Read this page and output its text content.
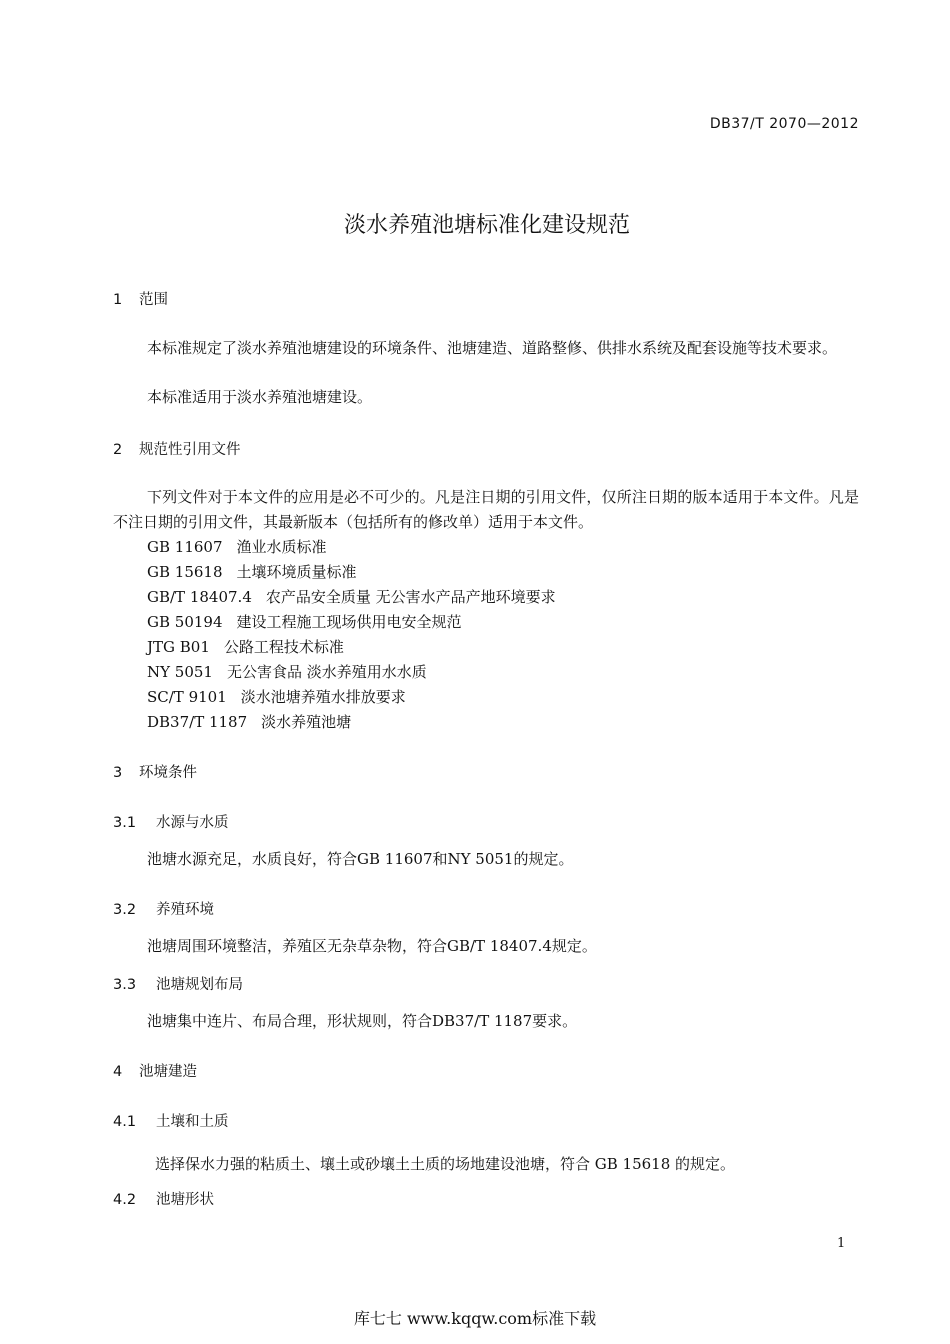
DB37/T 2070—2012
淡水养殖池塘标准化建设规范
1 范围
本标准规定了淡水养殖池塘建设的环境条件、池塘建造、道路整修、供排水系统及配套设施等技术要求。
本标准适用于淡水养殖池塘建设。
2 规范性引用文件
下列文件对于本文件的应用是必不可少的。凡是注日期的引用文件，仅所注日期的版本适用于本文件。凡是不注日期的引用文件，其最新版本（包括所有的修改单）适用于本文件。
GB 11607 渔业水质标准
GB 15618 土壤环境质量标准
GB/T 18407.4 农产品安全质量 无公害水产品产地环境要求
GB 50194 建设工程施工现场供用电安全规范
JTG B01 公路工程技术标准
NY 5051 无公害食品 淡水养殖用水水质
SC/T 9101 淡水池塘养殖水排放要求
DB37/T 1187 淡水养殖池塘
3 环境条件
3.1 水源与水质
池塘水源充足，水质良好，符合GB 11607和NY 5051的规定。
3.2 养殖环境
池塘周围环境整洁，养殖区无杂草杂物，符合GB/T 18407.4规定。
3.3 池塘规划布局
池塘集中连片、布局合理，形状规则，符合DB37/T 1187要求。
4 池塘建造
4.1 土壤和土质
选择保水力强的粘质土、壤土或砂壤土土质的场地建设池塘，符合 GB 15618 的规定。
4.2 池塘形状
1
库七七 www.kqqw.com标准下载
